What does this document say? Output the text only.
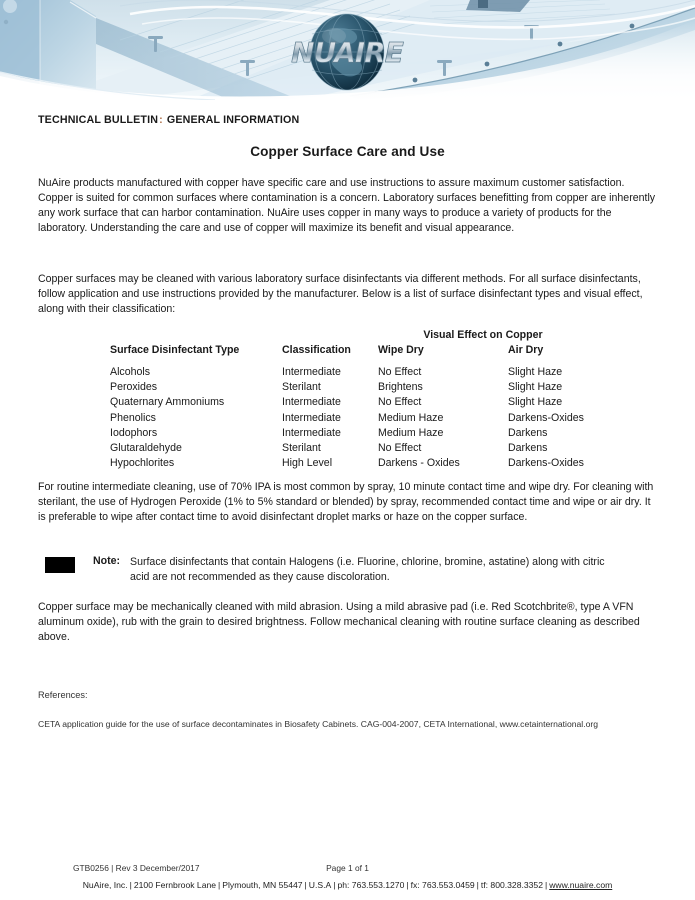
NUAIRE
TECHNICAL BULLETIN: GENERAL INFORMATION
Copper Surface Care and Use
NuAire products manufactured with copper have specific care and use instructions to assure maximum customer satisfaction. Copper is suited for common surfaces where contamination is a concern. Laboratory surfaces benefitting from copper are inherently any work surface that can harbor contamination. NuAire uses copper in many ways to produce a variety of products for the laboratory. Understanding the care and use of copper will maximize its benefit and visual appearance.
Copper surfaces may be cleaned with various laboratory surface disinfectants via different methods. For all surface disinfectants, follow application and use instructions provided by the manufacturer. Below is a list of surface disinfectant types and visual effect, along with their classification:
Visual Effect on Copper
Surface Disinfectant Type	Classification	Wipe Dry	Air Dry
Alcohols	Intermediate	No Effect	Slight Haze
Peroxides	Sterilant	Brightens	Slight Haze
Quaternary Ammoniums	Intermediate	No Effect	Slight Haze
Phenolics	Intermediate	Medium Haze	Darkens-Oxides
Iodophors	Intermediate	Medium Haze	Darkens
Glutaraldehyde	Sterilant	No Effect	Darkens
Hypochlorites	High Level	Darkens - Oxides	Darkens-Oxides
For routine intermediate cleaning, use of 70% IPA is most common by spray, 10 minute contact time and wipe dry. For cleaning with sterilant, the use of Hydrogen Peroxide (1% to 5% standard or blended) by spray, recommended contact time and wipe or air dry. It is preferable to wipe after contact time to avoid disinfectant droplet marks or haze on the copper surface.
Note: Surface disinfectants that contain Halogens (i.e. Fluorine, chlorine, bromine, astatine) along with citric acid are not recommended as they cause discoloration.
Copper surface may be mechanically cleaned with mild abrasion. Using a mild abrasive pad (i.e. Red Scotchbrite®, type A VFN aluminum oxide), rub with the grain to desired brightness. Follow mechanical cleaning with routine surface cleaning as described above.
References:
CETA application guide for the use of surface decontaminates in Biosafety Cabinets. CAG-004-2007, CETA International, www.cetainternational.org
GTB0256 | Rev 3 December/2017	Page 1 of 1
NuAire, Inc. | 2100 Fernbrook Lane | Plymouth, MN 55447 | U.S.A | ph: 763.553.1270 | fx: 763.553.0459 | tf: 800.328.3352 | www.nuaire.com
